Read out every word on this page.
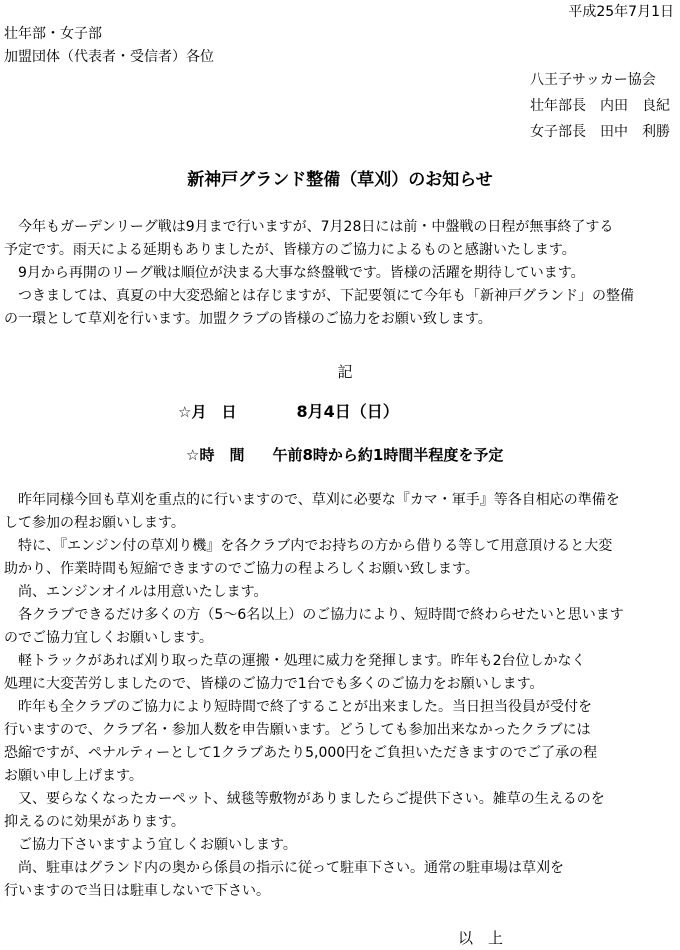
平成25年7月1日
壮年部・女子部
加盟団体（代表者・受信者）各位
八王子サッカー協会
壮年部長　内田　良紀
女子部長　田中　利勝
新神戸グランド整備（草刈）のお知らせ

　今年もガーデンリーグ戦は9月まで行いますが、7月28日には前・中盤戦の日程が無事終了する

予定です。雨天による延期もありましたが、皆様方のご協力によるものと感謝いたします。

　9月から再開のリーグ戦は順位が決まる大事な終盤戦です。皆様の活躍を期待しています。

　つきましては、真夏の中大変恐縮とは存じますが、下記要領にて今年も「新神戸グランド」の整備

の一環として草刈を行います。加盟クラブの皆様のご協力をお願い致します。

記
☆月　日	8月4日（日）
☆時　間 午前8時から約1時間半程度を予定

　昨年同様今回も草刈を重点的に行いますので、草刈に必要な『カマ・軍手』等各自相応の準備を

して参加の程お願いします。

　特に、『エンジン付の草刈り機』を各クラブ内でお持ちの方から借りる等して用意頂けると大変

助かり、作業時間も短縮できますのでご協力の程よろしくお願い致します。

　尚、エンジンオイルは用意いたします。

　各クラブできるだけ多くの方（5～6名以上）のご協力により、短時間で終わらせたいと思います

のでご協力宜しくお願いします。

　軽トラックがあれば刈り取った草の運搬・処理に威力を発揮します。昨年も2台位しかなく

処理に大変苦労しましたので、皆様のご協力で1台でも多くのご協力をお願いします。

　昨年も全クラブのご協力により短時間で終了することが出来ました。当日担当役員が受付を

行いますので、クラブ名・参加人数を申告願います。どうしても参加出来なかったクラブには

恐縮ですが、ペナルティーとして1クラブあたり5,000円をご負担いただきますのでご了承の程

お願い申し上げます。

　又、要らなくなったカーペット、絨毯等敷物がありましたらご提供下さい。雑草の生えるのを

抑えるのに効果があります。

　ご協力下さいますよう宜しくお願いします。

　尚、駐車はグランド内の奥から係員の指示に従って駐車下さい。通常の駐車場は草刈を

行いますので当日は駐車しないで下さい。

以　上
